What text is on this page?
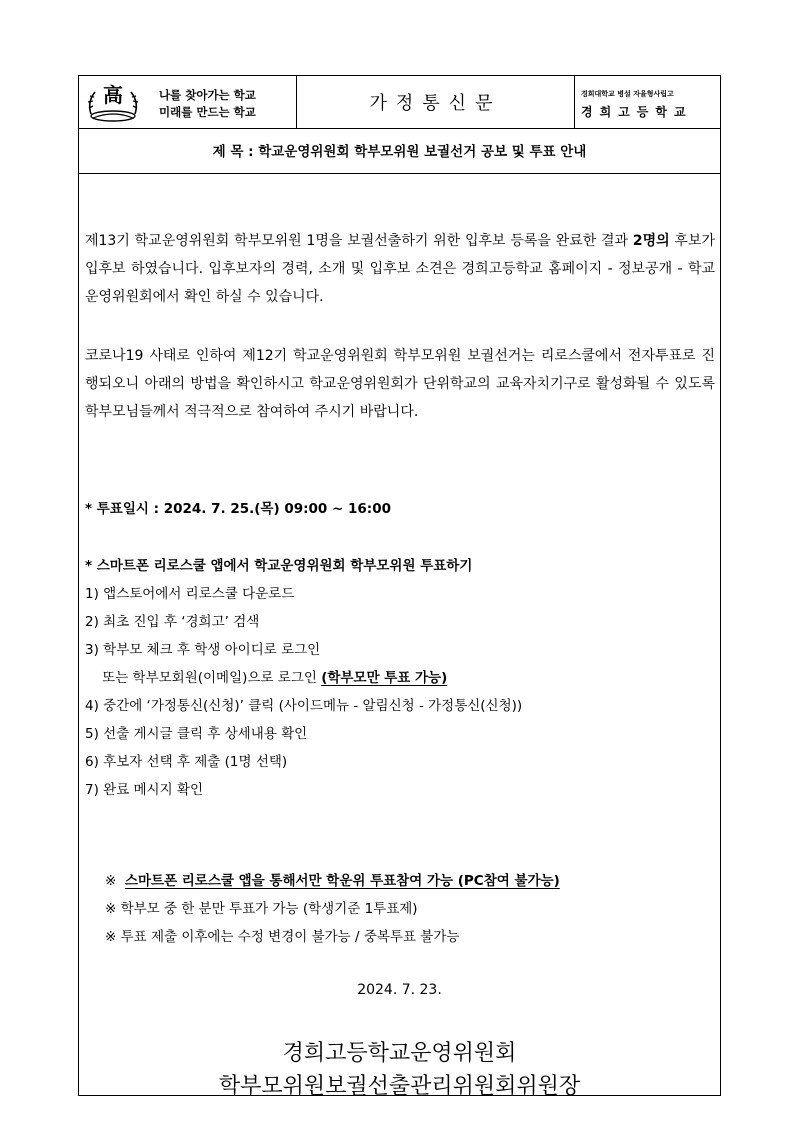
高	나를 찾아가는 학교
미래를 만드는 학교	가정통신문	경희대학교 병설 자율형사립고
경희고등학교
제 목 : 학교운영위원회 학부모위원 보궐선거 공보 및 투표 안내

제13기 학교운영위원회 학부모위원 1명을 보궐선출하기 위한 입후보 등록을 완료한 결과 2명의 후보가 입후보 하였습니다. 입후보자의 경력, 소개 및 입후보 소견은 경희고등학교 홈페이지 - 정보공개 - 학교운영위원회에서 확인 하실 수 있습니다.

코로나19 사태로 인하여 제12기 학교운영위원회 학부모위원 보궐선거는 리로스쿨에서 전자투표로 진행되오니 아래의 방법을 확인하시고 학교운영위원회가 단위학교의 교육자치기구로 활성화될 수 있도록 학부모님들께서 적극적으로 참여하여 주시기 바랍니다.

* 투표일시 : 2024. 7. 25.(목) 09:00 ~ 16:00
* 스마트폰 리로스쿨 앱에서 학교운영위원회 학부모위원 투표하기
1) 앱스토어에서 리로스쿨 다운로드
2) 최초 진입 후 ‘경희고’ 검색
3) 학부모 체크 후 학생 아이디로 로그인
또는 학부모회원(이메일)으로 로그인 (학부모만 투표 가능)
4) 중간에 ‘가정통신(신청)’ 클릭 (사이드메뉴 - 알림신청 - 가정통신(신청))
5) 선출 게시글 클릭 후 상세내용 확인
6) 후보자 선택 후 제출 (1명 선택)
7) 완료 메시지 확인
※ 스마트폰 리로스쿨 앱을 통해서만 학운위 투표참여 가능 (PC참여 불가능)
※ 학부모 중 한 분만 투표가 가능 (학생기준 1투표제)
※ 투표 제출 이후에는 수정 변경이 불가능 / 중복투표 불가능
2024. 7. 23.
경희고등학교운영위원회
학부모위원보궐선출관리위원회위원장
